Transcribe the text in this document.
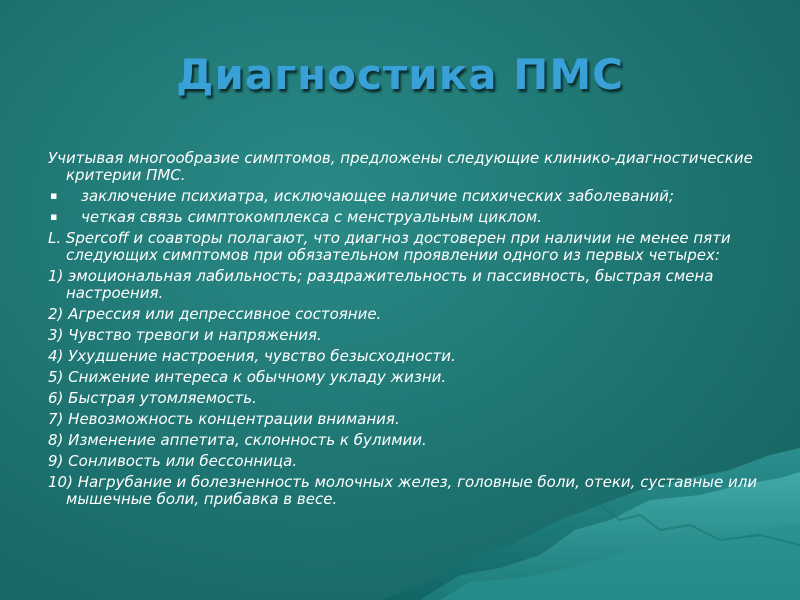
Диагностика ПМС

Учитывая многообразие симптомов, предложены следующие клинико-диагностические критерии ПМС.

▪ заключение психиатра, исключающее наличие психических заболеваний;
▪ четкая связь симптокомплекса с менструальным циклом.

L. Spercoff и соавторы полагают, что диагноз достоверен при наличии не менее пяти следующих симптомов при обязательном проявлении одного из первых четырех:

1) эмоциональная лабильность; раздражительность и пассивность, быстрая смена настроения.

2) Агрессия или депрессивное состояние.

3) Чувство тревоги и напряжения.

4) Ухудшение настроения, чувство безысходности.

5) Снижение интереса к обычному укладу жизни.

6) Быстрая утомляемость.

7) Невозможность концентрации внимания.

8) Изменение аппетита, склонность к булимии.

9) Сонливость или бессонница.

10) Нагрубание и болезненность молочных желез, головные боли, отеки, суставные или мышечные боли, прибавка в весе.
